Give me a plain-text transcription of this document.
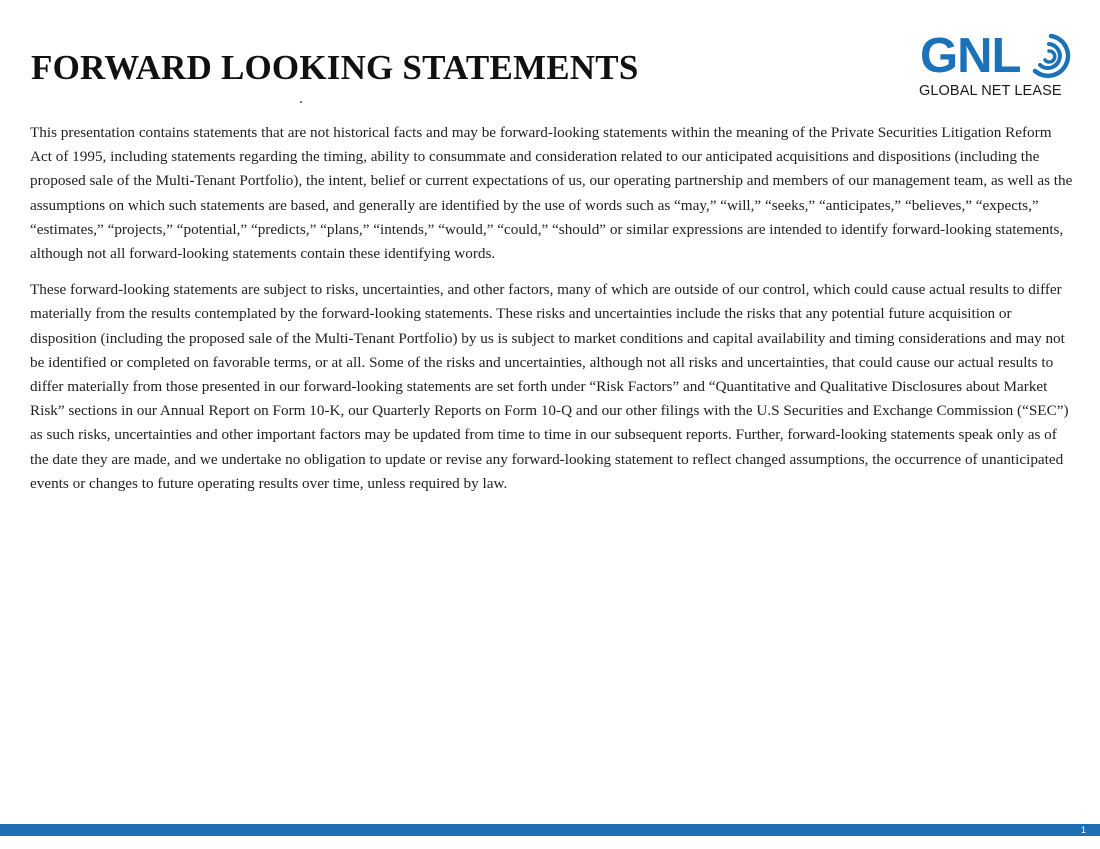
FORWARD LOOKING STATEMENTS	GNL
GLOBAL NET LEASE

This presentation contains statements that are not historical facts and may be forward-looking statements within the meaning of the Private Securities Litigation Reform Act of 1995, including statements regarding the timing, ability to consummate and consideration related to our anticipated acquisitions and dispositions (including the proposed sale of the Multi-Tenant Portfolio), the intent, belief or current expectations of us, our operating partnership and members of our management team, as well as the assumptions on which such statements are based, and generally are identified by the use of words such as “may,” “will,” “seeks,” “anticipates,” “believes,” “expects,” “estimates,” “projects,” “potential,” “predicts,” “plans,” “intends,” “would,” “could,” “should” or similar expressions are intended to identify forward-looking statements, although not all forward-looking statements contain these identifying words.

These forward-looking statements are subject to risks, uncertainties, and other factors, many of which are outside of our control, which could cause actual results to differ materially from the results contemplated by the forward-looking statements. These risks and uncertainties include the risks that any potential future acquisition or disposition (including the proposed sale of the Multi-Tenant Portfolio) by us is subject to market conditions and capital availability and timing considerations and may not be identified or completed on favorable terms, or at all. Some of the risks and uncertainties, although not all risks and uncertainties, that could cause our actual results to differ materially from those presented in our forward-looking statements are set forth under “Risk Factors” and “Quantitative and Qualitative Disclosures about Market Risk” sections in our Annual Report on Form 10-K, our Quarterly Reports on Form 10-Q and our other filings with the U.S Securities and Exchange Commission (“SEC”) as such risks, uncertainties and other important factors may be updated from time to time in our subsequent reports. Further, forward-looking statements speak only as of the date they are made, and we undertake no obligation to update or revise any forward-looking statement to reflect changed assumptions, the occurrence of unanticipated events or changes to future operating results over time, unless required by law.

1
